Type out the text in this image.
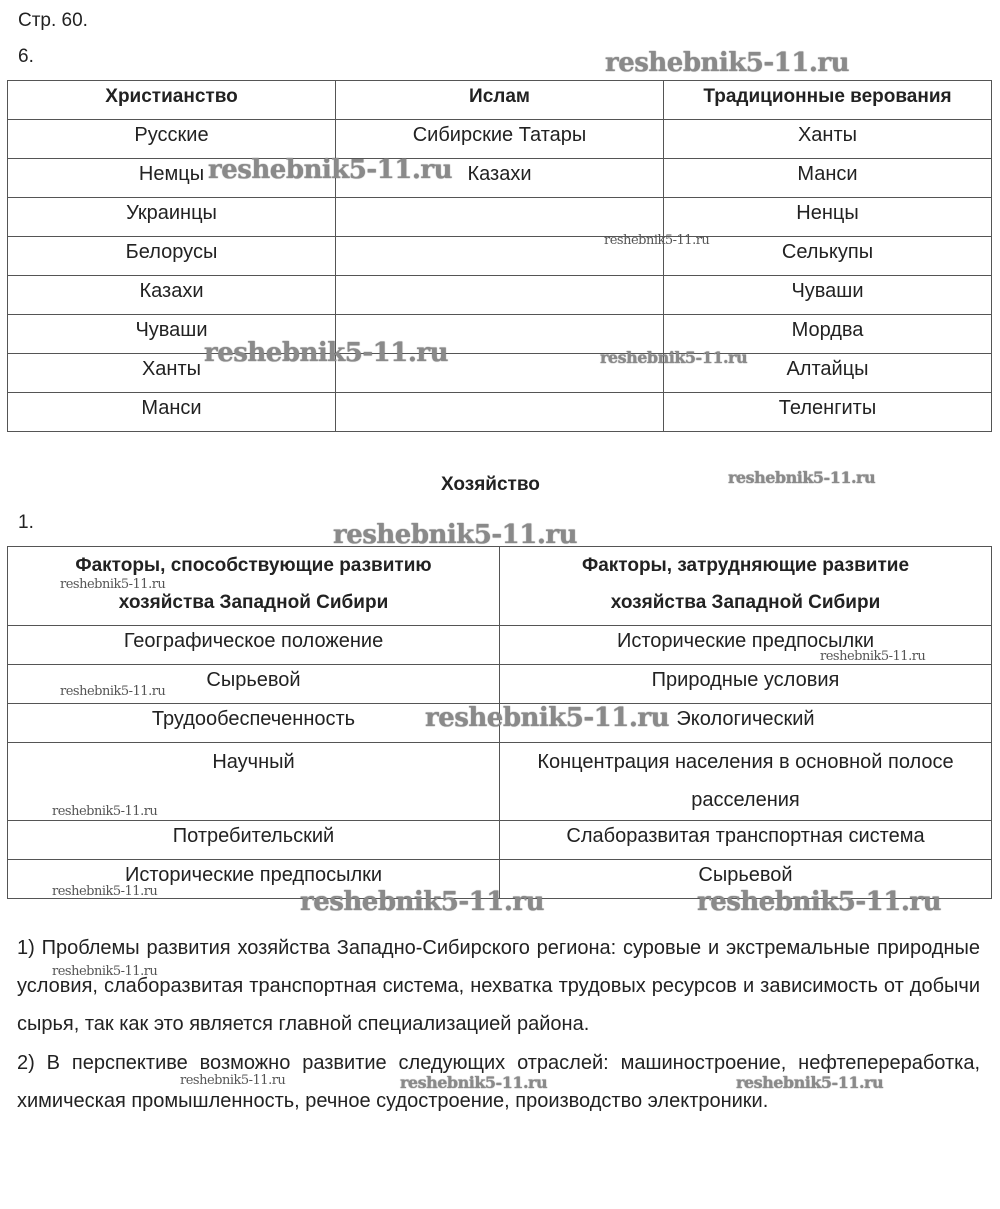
Стр. 60.
6.
Христианство	Ислам	Традиционные верования
Русские	Сибирские Татары	Ханты
Немцы	Казахи	Манси
Украинцы		Ненцы
Белорусы		Селькупы
Казахи		Чуваши
Чуваши		Мордва
Ханты		Алтайцы
Манси		Теленгиты
Хозяйство
1.
Факторы, способствующие развитию
хозяйства Западной Сибири

Факторы, затрудняющие развитие
хозяйства Западной Сибири

Географическое положение	Исторические предпосылки

Сырьевой	Природные условия

Трудообеспеченность	Экологический

Научный	Концентрация населения в основной полосе
расселения

Потребительский	Слаборазвитая транспортная система

Исторические предпосылки	Сырьевой
1) Проблемы развития хозяйства Западно-Сибирского региона: суровые и экстремальные природные условия, слаборазвитая транспортная система, нехватка трудовых ресурсов и зависимость от добычи сырья, так как это является главной специализацией района.
2) В перспективе возможно развитие следующих отраслей: машиностроение, нефтепереработка, химическая промышленность, речное судостроение, производство электроники.
reshebnik5-11.ru
reshebnik5-11.ru
reshebnik5-11.ru
reshebnik5-11.ru	reshebnik5-11.ru
reshebnik5-11.ru
reshebnik5-11.ru
reshebnik5-11.ru
reshebnik5-11.ru
reshebnik5-11.ru
reshebnik5-11.ru
reshebnik5-11.ru
reshebnik5-11.ru	reshebnik5-11.ru	reshebnik5-11.ru
reshebnik5-11.ru
reshebnik5-11.ru	reshebnik5-11.ru	reshebnik5-11.ru
